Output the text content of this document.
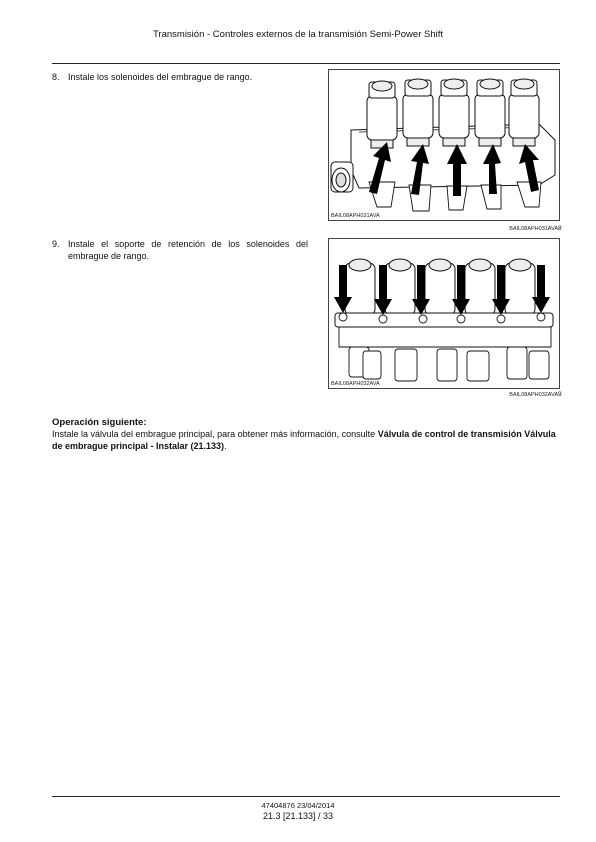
Transmisión - Controles externos de la transmisión Semi-Power Shift
8. Instale los solenoides del embrague de rango.
BAIL08APH031AVA
BAIL08APH031AVA 8
9. Instale el soporte de retención de los solenoides del embrague de rango.
BAIL08APH032AVA
BAIL08APH032AVA 9
Operación siguiente:
Instale la válvula del embrague principal, para obtener más información, consulte Válvula de control de transmisión Válvula de embrague principal - Instalar (21.133).
47404876 23/04/2014
21.3 [21.133] / 33
